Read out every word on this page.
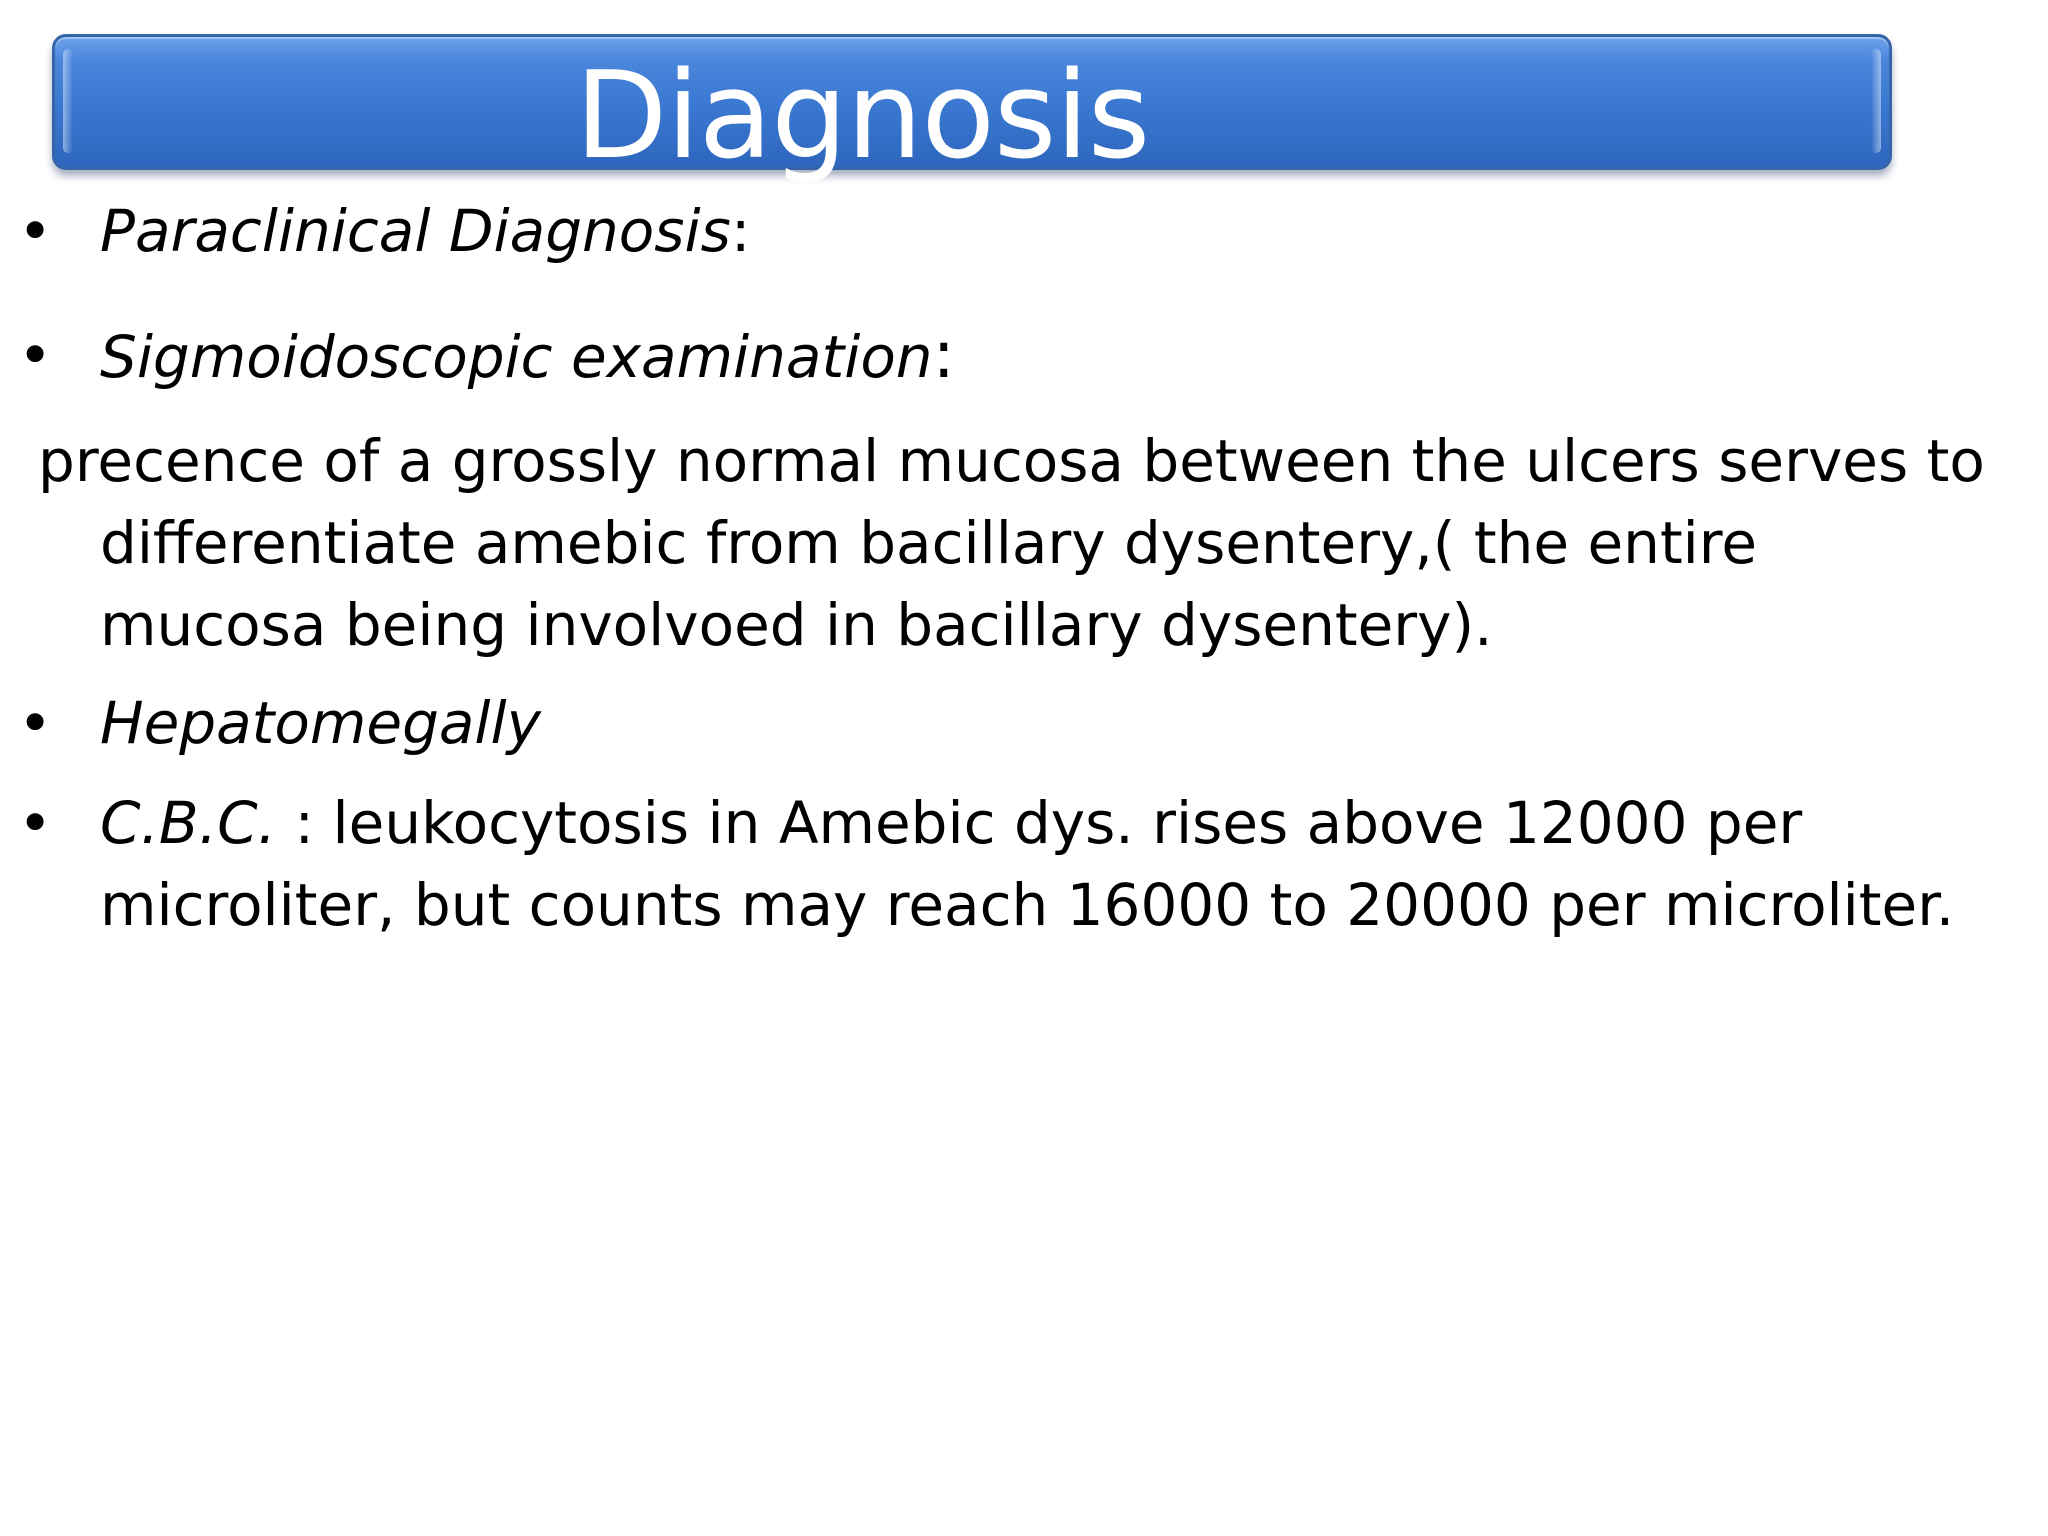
Diagnosis
• Paraclinical Diagnosis:
• Sigmoidoscopic examination:
precence of a grossly normal mucosa between the ulcers serves to differentiate amebic from bacillary dysentery,( the entire mucosa being involvoed in bacillary dysentery).
• Hepatomegally
• C.B.C. : leukocytosis in Amebic dys. rises above 12000 per microliter, but counts may reach 16000 to 20000 per microliter.
